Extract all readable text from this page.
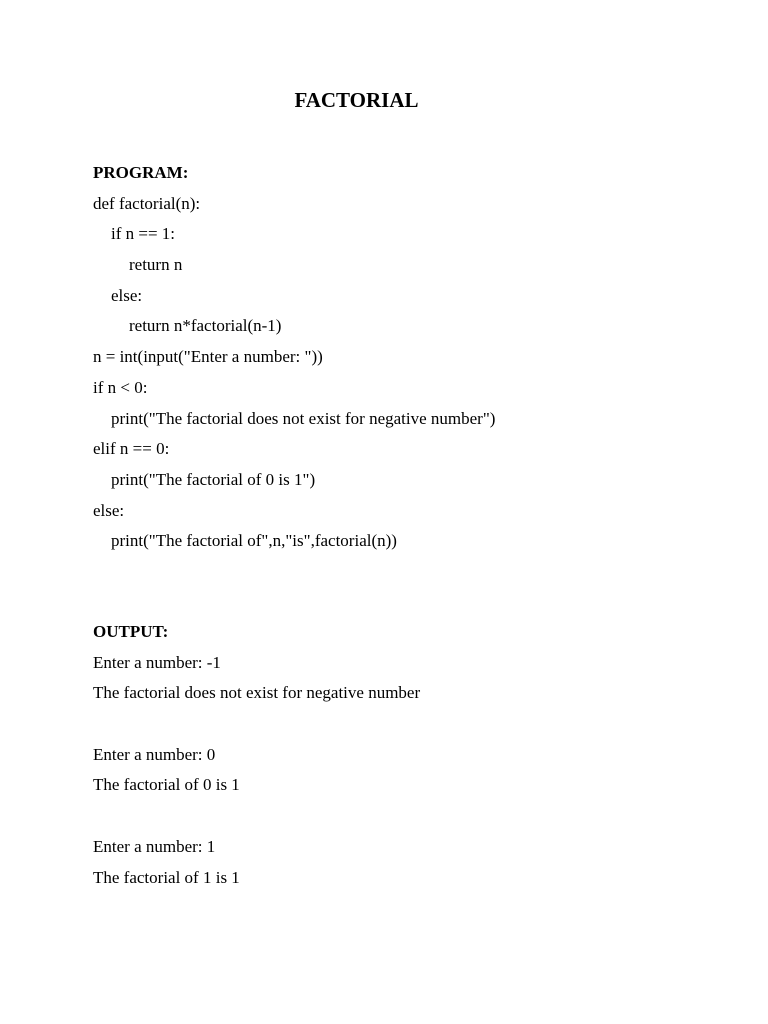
FACTORIAL
PROGRAM:
def factorial(n):
if n == 1:
return n
else:
return n*factorial(n-1)
n = int(input("Enter a number: "))
if n < 0:
print("The factorial does not exist for negative number")
elif n == 0:
print("The factorial of 0 is 1")
else:
print("The factorial of",n,"is",factorial(n))
OUTPUT:
Enter a number: -1
The factorial does not exist for negative number
Enter a number: 0
The factorial of 0 is 1
Enter a number: 1
The factorial of 1 is 1
